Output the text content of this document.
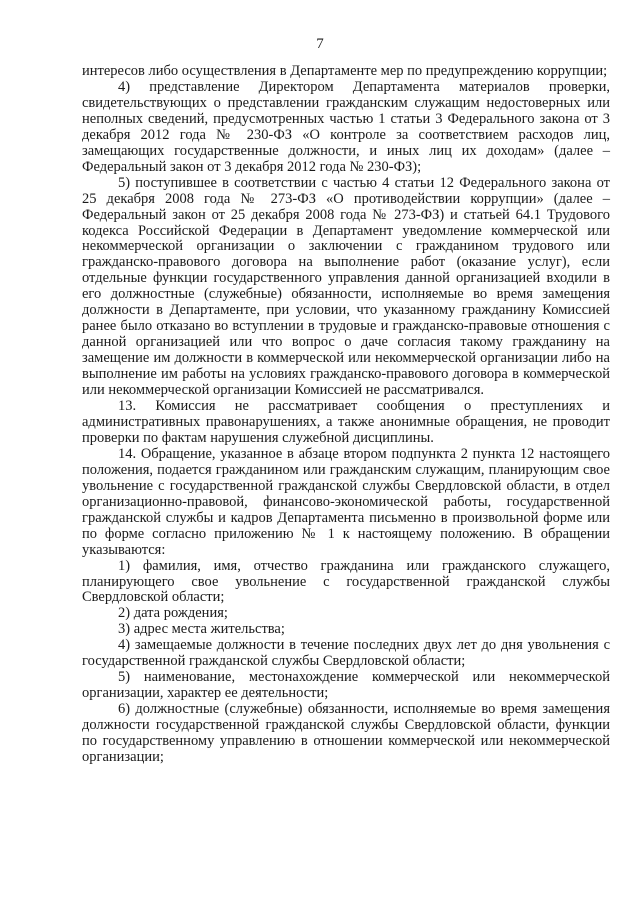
7

интересов либо осуществления в Департаменте мер по предупреждению коррупции;

4) представление Директором Департамента материалов проверки, свидетельствующих о представлении гражданским служащим недостоверных или неполных сведений, предусмотренных частью 1 статьи 3 Федерального закона от 3 декабря 2012 года № 230-ФЗ «О контроле за соответствием расходов лиц, замещающих государственные должности, и иных лиц их доходам» (далее – Федеральный закон от 3 декабря 2012 года № 230-ФЗ);

5) поступившее в соответствии с частью 4 статьи 12 Федерального закона от 25 декабря 2008 года № 273-ФЗ «О противодействии коррупции» (далее – Федеральный закон от 25 декабря 2008 года № 273-ФЗ) и статьей 64.1 Трудового кодекса Российской Федерации в Департамент уведомление коммерческой или некоммерческой организации о заключении с гражданином трудового или гражданско-правового договора на выполнение работ (оказание услуг), если отдельные функции государственного управления данной организацией входили в его должностные (служебные) обязанности, исполняемые во время замещения должности в Департаменте, при условии, что указанному гражданину Комиссией ранее было отказано во вступлении в трудовые и гражданско-правовые отношения с данной организацией или что вопрос о даче согласия такому гражданину на замещение им должности в коммерческой или некоммерческой организации либо на выполнение им работы на условиях гражданско-правового договора в коммерческой или некоммерческой организации Комиссией не рассматривался.

13. Комиссия не рассматривает сообщения о преступлениях и административных правонарушениях, а также анонимные обращения, не проводит проверки по фактам нарушения служебной дисциплины.

14. Обращение, указанное в абзаце втором подпункта 2 пункта 12 настоящего положения, подается гражданином или гражданским служащим, планирующим свое увольнение с государственной гражданской службы Свердловской области, в отдел организационно-правовой, финансово-экономической работы, государственной гражданской службы и кадров Департамента письменно в произвольной форме или по форме согласно приложению № 1 к настоящему положению. В обращении указываются:

1) фамилия, имя, отчество гражданина или гражданского служащего, планирующего свое увольнение с государственной гражданской службы Свердловской области;

2) дата рождения;

3) адрес места жительства;

4) замещаемые должности в течение последних двух лет до дня увольнения с государственной гражданской службы Свердловской области;

5) наименование, местонахождение коммерческой или некоммерческой организации, характер ее деятельности;

6) должностные (служебные) обязанности, исполняемые во время замещения должности государственной гражданской службы Свердловской области, функции по государственному управлению в отношении коммерческой или некоммерческой организации;
